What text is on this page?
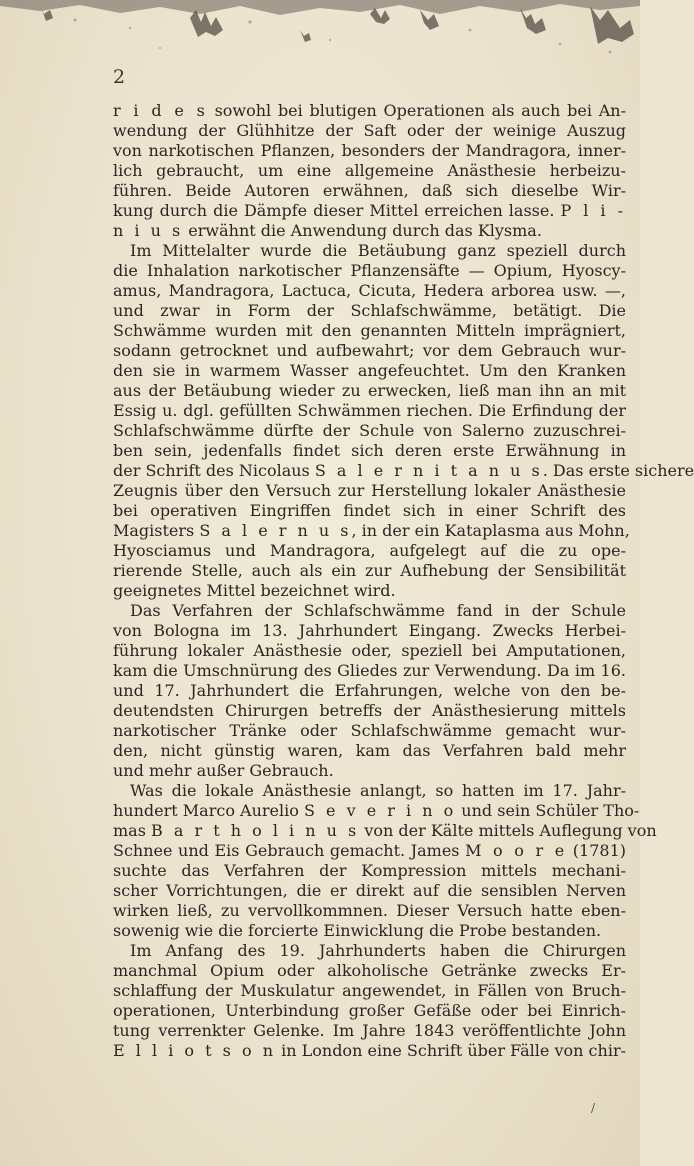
2
r i d e s sowohl bei blutigen Operationen als auch bei An-
wendung der Glühhitze der Saft oder der weinige Auszug
von narkotischen Pflanzen, besonders der Mandragora, inner-
lich gebraucht, um eine allgemeine Anästhesie herbeizu-
führen. Beide Autoren erwähnen, daß sich dieselbe Wir-
kung durch die Dämpfe dieser Mittel erreichen lasse. P l i -
n i u s erwähnt die Anwendung durch das Klysma.
Im Mittelalter wurde die Betäubung ganz speziell durch
die Inhalation narkotischer Pflanzensäfte — Opium, Hyoscy-
amus, Mandragora, Lactuca, Cicuta, Hedera arborea usw. —,
und zwar in Form der Schlafschwämme, betätigt. Die
Schwämme wurden mit den genannten Mitteln imprägniert,
sodann getrocknet und aufbewahrt; vor dem Gebrauch wur-
den sie in warmem Wasser angefeuchtet. Um den Kranken
aus der Betäubung wieder zu erwecken, ließ man ihn an mit
Essig u. dgl. gefüllten Schwämmen riechen. Die Erfindung der
Schlafschwämme dürfte der Schule von Salerno zuzuschrei-
ben sein, jedenfalls findet sich deren erste Erwähnung in
der Schrift des Nicolaus S a l e r n i t a n u s. Das erste sichere
Zeugnis über den Versuch zur Herstellung lokaler Anästhesie
bei operativen Eingriffen findet sich in einer Schrift des
Magisters S a l e r n u s, in der ein Kataplasma aus Mohn,
Hyosciamus und Mandragora, aufgelegt auf die zu ope-
rierende Stelle, auch als ein zur Aufhebung der Sensibilität
geeignetes Mittel bezeichnet wird.
Das Verfahren der Schlafschwämme fand in der Schule
von Bologna im 13. Jahrhundert Eingang. Zwecks Herbei-
führung lokaler Anästhesie oder, speziell bei Amputationen,
kam die Umschnürung des Gliedes zur Verwendung. Da im 16.
und 17. Jahrhundert die Erfahrungen, welche von den be-
deutendsten Chirurgen betreffs der Anästhesierung mittels
narkotischer Tränke oder Schlafschwämme gemacht wur-
den, nicht günstig waren, kam das Verfahren bald mehr
und mehr außer Gebrauch.
Was die lokale Anästhesie anlangt, so hatten im 17. Jahr-
hundert Marco Aurelio S e v e r i n o und sein Schüler Tho-
mas B a r t h o l i n u s von der Kälte mittels Auflegung von
Schnee und Eis Gebrauch gemacht. James M o o r e (1781)
suchte das Verfahren der Kompression mittels mechani-
scher Vorrichtungen, die er direkt auf die sensiblen Nerven
wirken ließ, zu vervollkommnen. Dieser Versuch hatte eben-
sowenig wie die forcierte Einwicklung die Probe bestanden.
Im Anfang des 19. Jahrhunderts haben die Chirurgen
manchmal Opium oder alkoholische Getränke zwecks Er-
schlaffung der Muskulatur angewendet, in Fällen von Bruch-
operationen, Unterbindung großer Gefäße oder bei Einrich-
tung verrenkter Gelenke. Im Jahre 1843 veröffentlichte John
E l l i o t s o n in London eine Schrift über Fälle von chir-
/
